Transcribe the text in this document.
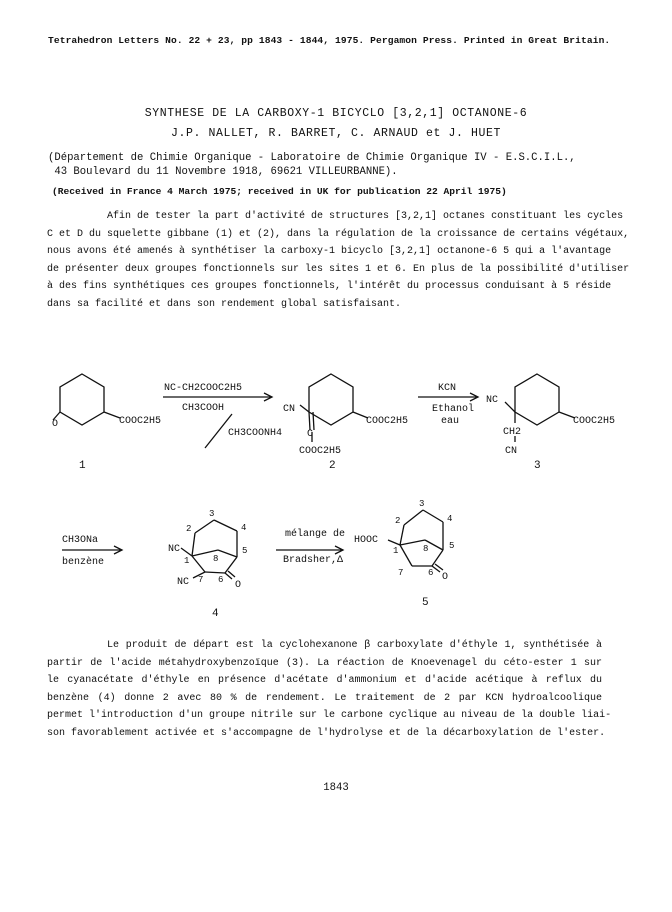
Tetrahedron Letters No. 22 + 23, pp 1843 - 1844, 1975. Pergamon Press. Printed in Great Britain.
SYNTHESE DE LA CARBOXY-1 BICYCLO [3,2,1] OCTANONE-6
J.P. NALLET, R. BARRET, C. ARNAUD et J. HUET
(Département de Chimie Organique - Laboratoire de Chimie Organique IV - E.S.C.I.L.,
43 Boulevard du 11 Novembre 1918, 69621 VILLEURBANNE).
(Received in France 4 March 1975; received in UK for publication 22 April 1975)
Afin de tester la part d'activité de structures [3,2,1] octanes constituant les cycles
C et D du squelette gibbane (1) et (2), dans la régulation de la croissance de certains végétaux,
nous avons été amenés à synthétiser la carboxy-1 bicyclo [3,2,1] octanone-6 5 qui a l'avantage
de présenter deux groupes fonctionnels sur les sites 1 et 6. En plus de la possibilité d'utiliser
à des fins synthétiques ces groupes fonctionnels, l'intérêt du processus conduisant à 5 réside
dans sa facilité et dans son rendement global satisfaisant.
O	COOC2H5
1
NC-CH2COOC2H5
CH3COOH
CH3COONH4
CN
C
COOC2H5
COOC2H5
2
KCN
Ethanol
eau
NC
COOC2H5
CH2
CN
3
CH3ONa
benzène
3
2	4
5
1	8
7 6
NC
NC	O
4
mélange de
Bradsher,Δ
3
2	4
5
1	8
7	6
HOOC
O
5
Le produit de départ est la cyclohexanone β carboxylate d'éthyle 1, synthétisée à
partir de l'acide métahydroxybenzoïque (3). La réaction de Knoevenagel du céto-ester 1 sur
le cyanacétate d'éthyle en présence d'acétate d'ammonium et d'acide acétique à reflux du
benzène (4) donne 2 avec 80 % de rendement. Le traitement de 2 par KCN hydroalcoolique
permet l'introduction d'un groupe nitrile sur le carbone cyclique au niveau de la double liai-
son favorablement activée et s'accompagne de l'hydrolyse et de la décarboxylation de l'ester.
1843
